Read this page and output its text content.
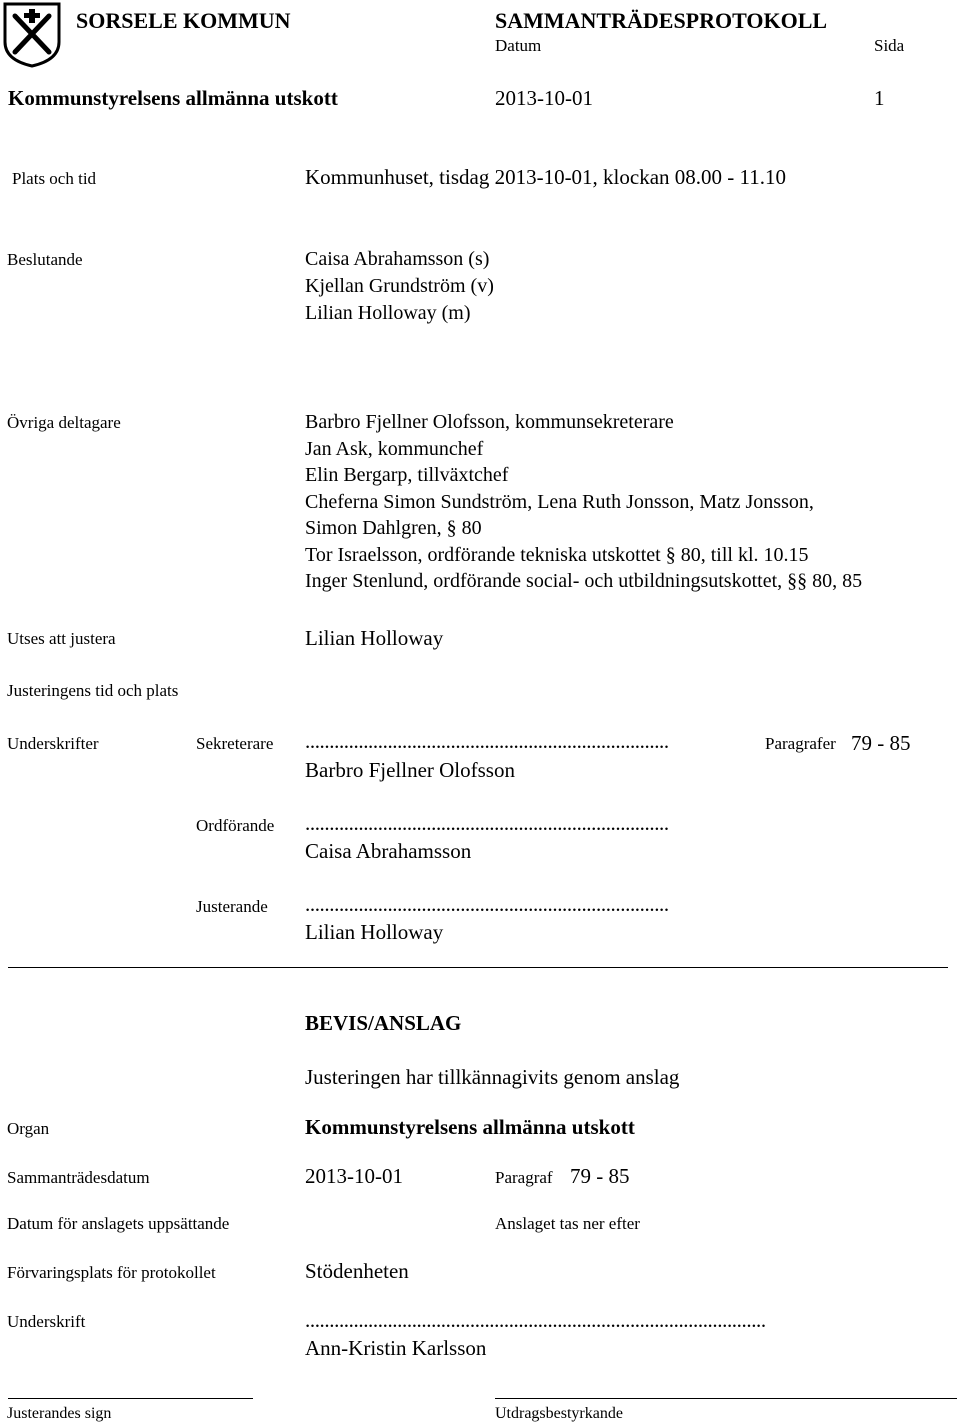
SORSELE KOMMUN	SAMMANTRÄDESPROTOKOLL
Datum	Sida
Kommunstyrelsens allmänna utskott	2013-10-01	1
Plats och tid	Kommunhuset, tisdag 2013-10-01, klockan 08.00 - 11.10
Beslutande	Caisa Abrahamsson (s)
Kjellan Grundström (v)
Lilian Holloway (m)
Övriga deltagare	Barbro Fjellner Olofsson, kommunsekreterare
Jan Ask, kommunchef
Elin Bergarp, tillväxtchef
Cheferna Simon Sundström, Lena Ruth Jonsson, Matz Jonsson,
Simon Dahlgren, § 80
Tor Israelsson, ordförande tekniska utskottet § 80, till kl. 10.15
Inger Stenlund, ordförande social- och utbildningsutskottet, §§ 80, 85
Utses att justera	Lilian Holloway
Justeringens tid och plats
Underskrifter	Sekreterare ...........................................................................	Paragrafer 79 - 85
Barbro Fjellner Olofsson
Ordförande ...........................................................................
Caisa Abrahamsson
Justerande ...........................................................................
Lilian Holloway
BEVIS/ANSLAG
Justeringen har tillkännagivits genom anslag
Organ	Kommunstyrelsens allmänna utskott
Sammanträdesdatum	2013-10-01	Paragraf 79 - 85
Datum för anslagets uppsättande	Anslaget tas ner efter
Förvaringsplats för protokollet	Stödenheten
Underskrift	...............................................................................................
Ann-Kristin Karlsson
Justerandes sign	Utdragsbestyrkande
